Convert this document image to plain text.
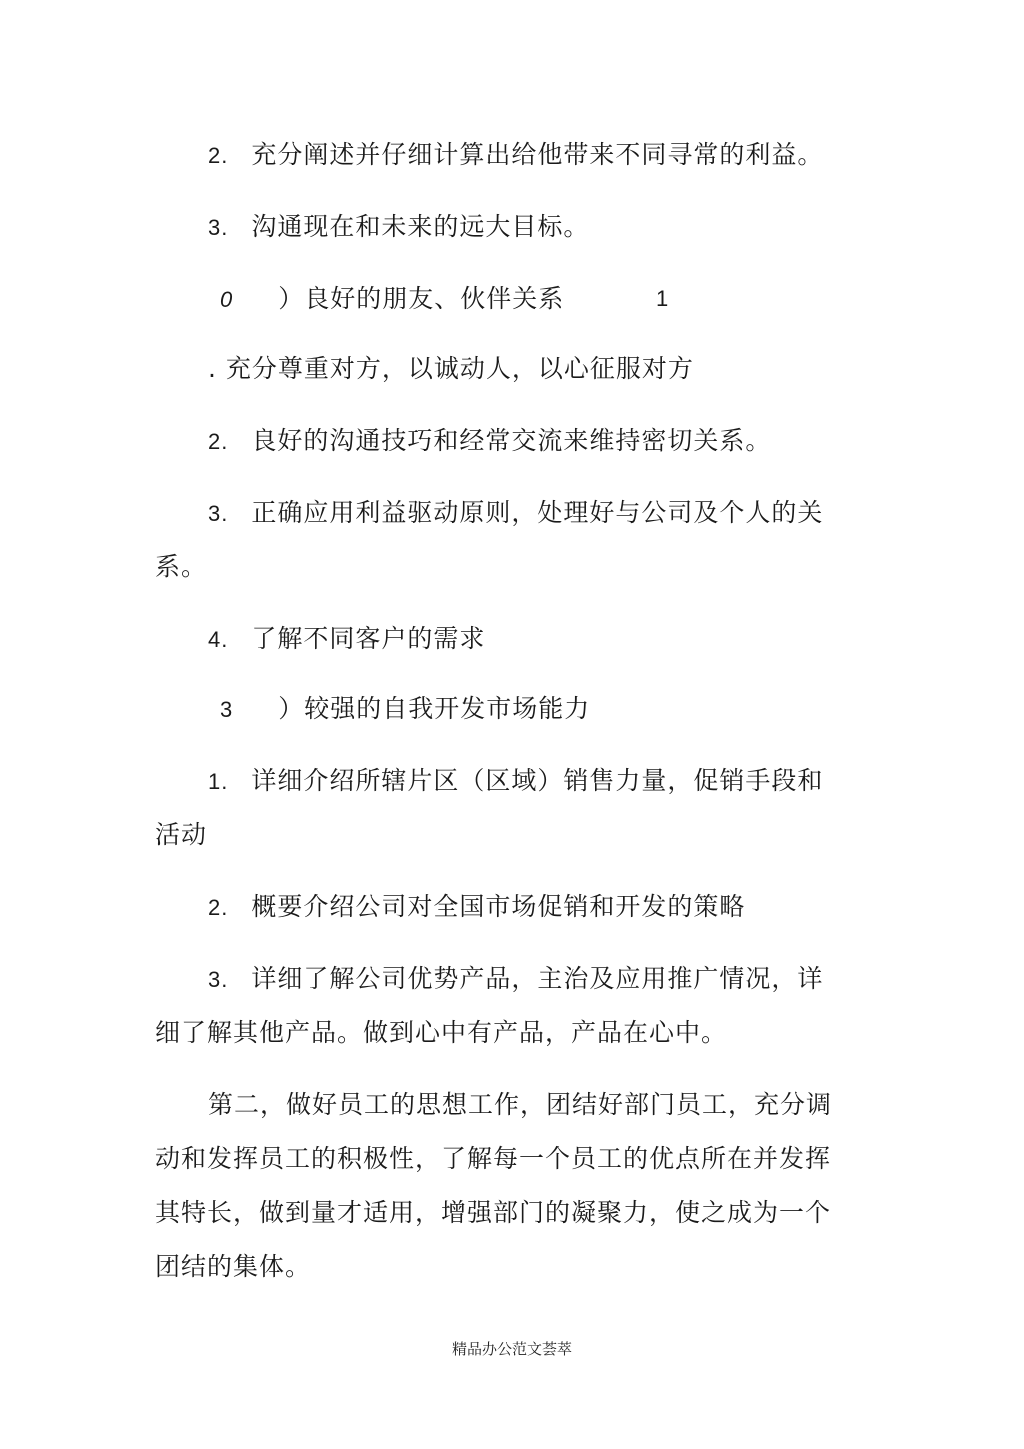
2. 充分阐述并仔细计算出给他带来不同寻常的利益。
3. 沟通现在和未来的远大目标。
0 ）良好的朋友、伙伴关系	1
. 充分尊重对方，以诚动人，以心征服对方
2. 良好的沟通技巧和经常交流来维持密切关系。
3. 正确应用利益驱动原则，处理好与公司及个人的关
系。
4. 了解不同客户的需求
3 ）较强的自我开发市场能力
1. 详细介绍所辖片区（区域）销售力量，促销手段和
活动
2. 概要介绍公司对全国市场促销和开发的策略
3. 详细了解公司优势产品，主治及应用推广情况，详
细了解其他产品。做到心中有产品，产品在心中。
第二，做好员工的思想工作，团结好部门员工，充分调
动和发挥员工的积极性，了解每一个员工的优点所在并发挥
其特长，做到量才适用，增强部门的凝聚力，使之成为一个
团结的集体。
精品办公范文荟萃
